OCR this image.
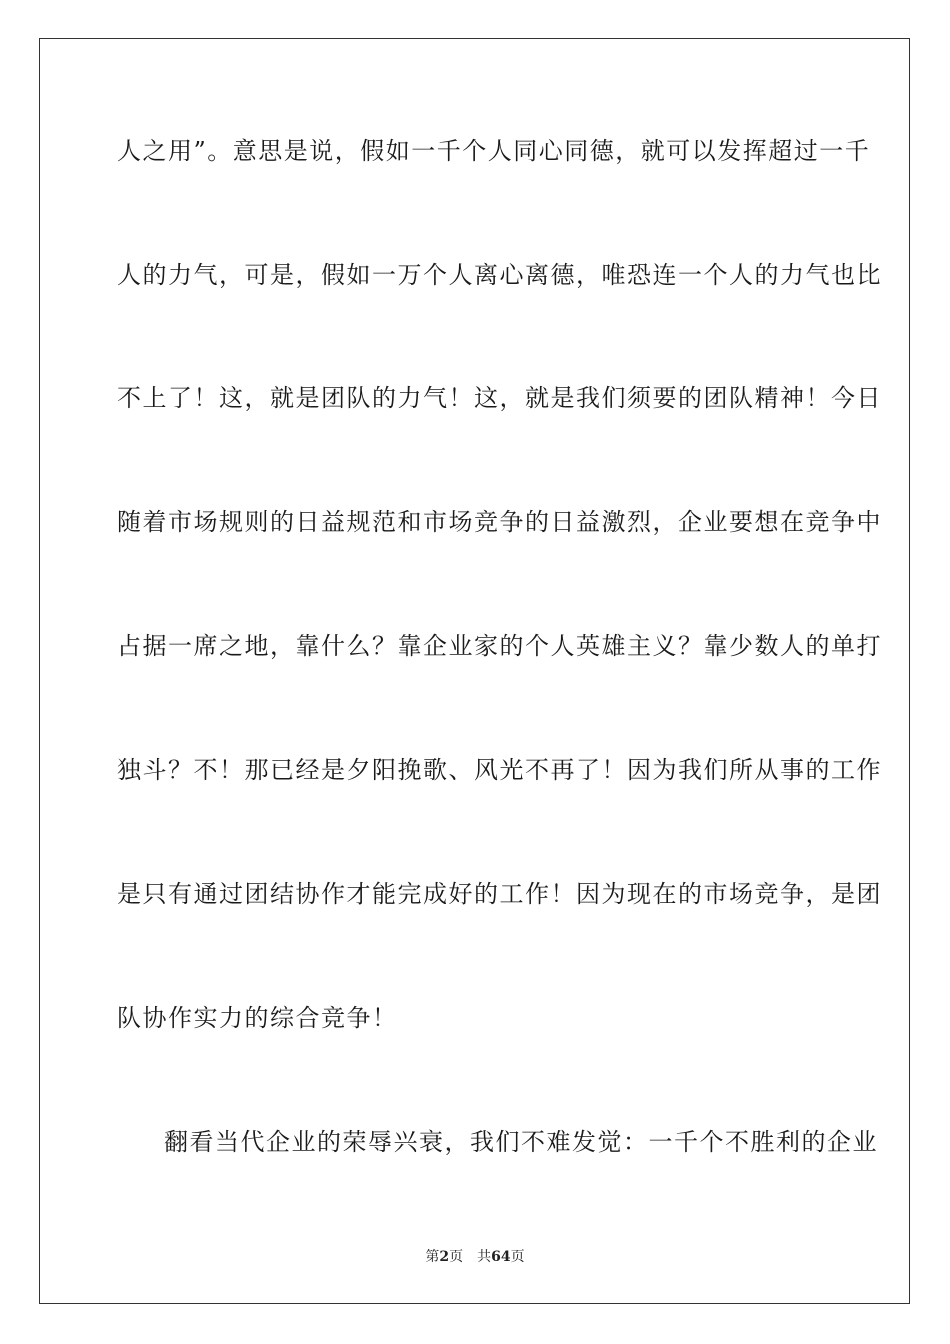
人之用”。意思是说，假如一千个人同心同德，就可以发挥超过一千
人的力气，可是，假如一万个人离心离德，唯恐连一个人的力气也比
不上了！这，就是团队的力气！这，就是我们须要的团队精神！今日
随着市场规则的日益规范和市场竞争的日益激烈，企业要想在竞争中
占据一席之地，靠什么？靠企业家的个人英雄主义？靠少数人的单打
独斗？不！那已经是夕阳挽歌、风光不再了！因为我们所从事的工作
是只有通过团结协作才能完成好的工作！因为现在的市场竞争，是团
队协作实力的综合竞争！
翻看当代企业的荣辱兴衰，我们不难发觉：一千个不胜利的企业
第2页 共64页
